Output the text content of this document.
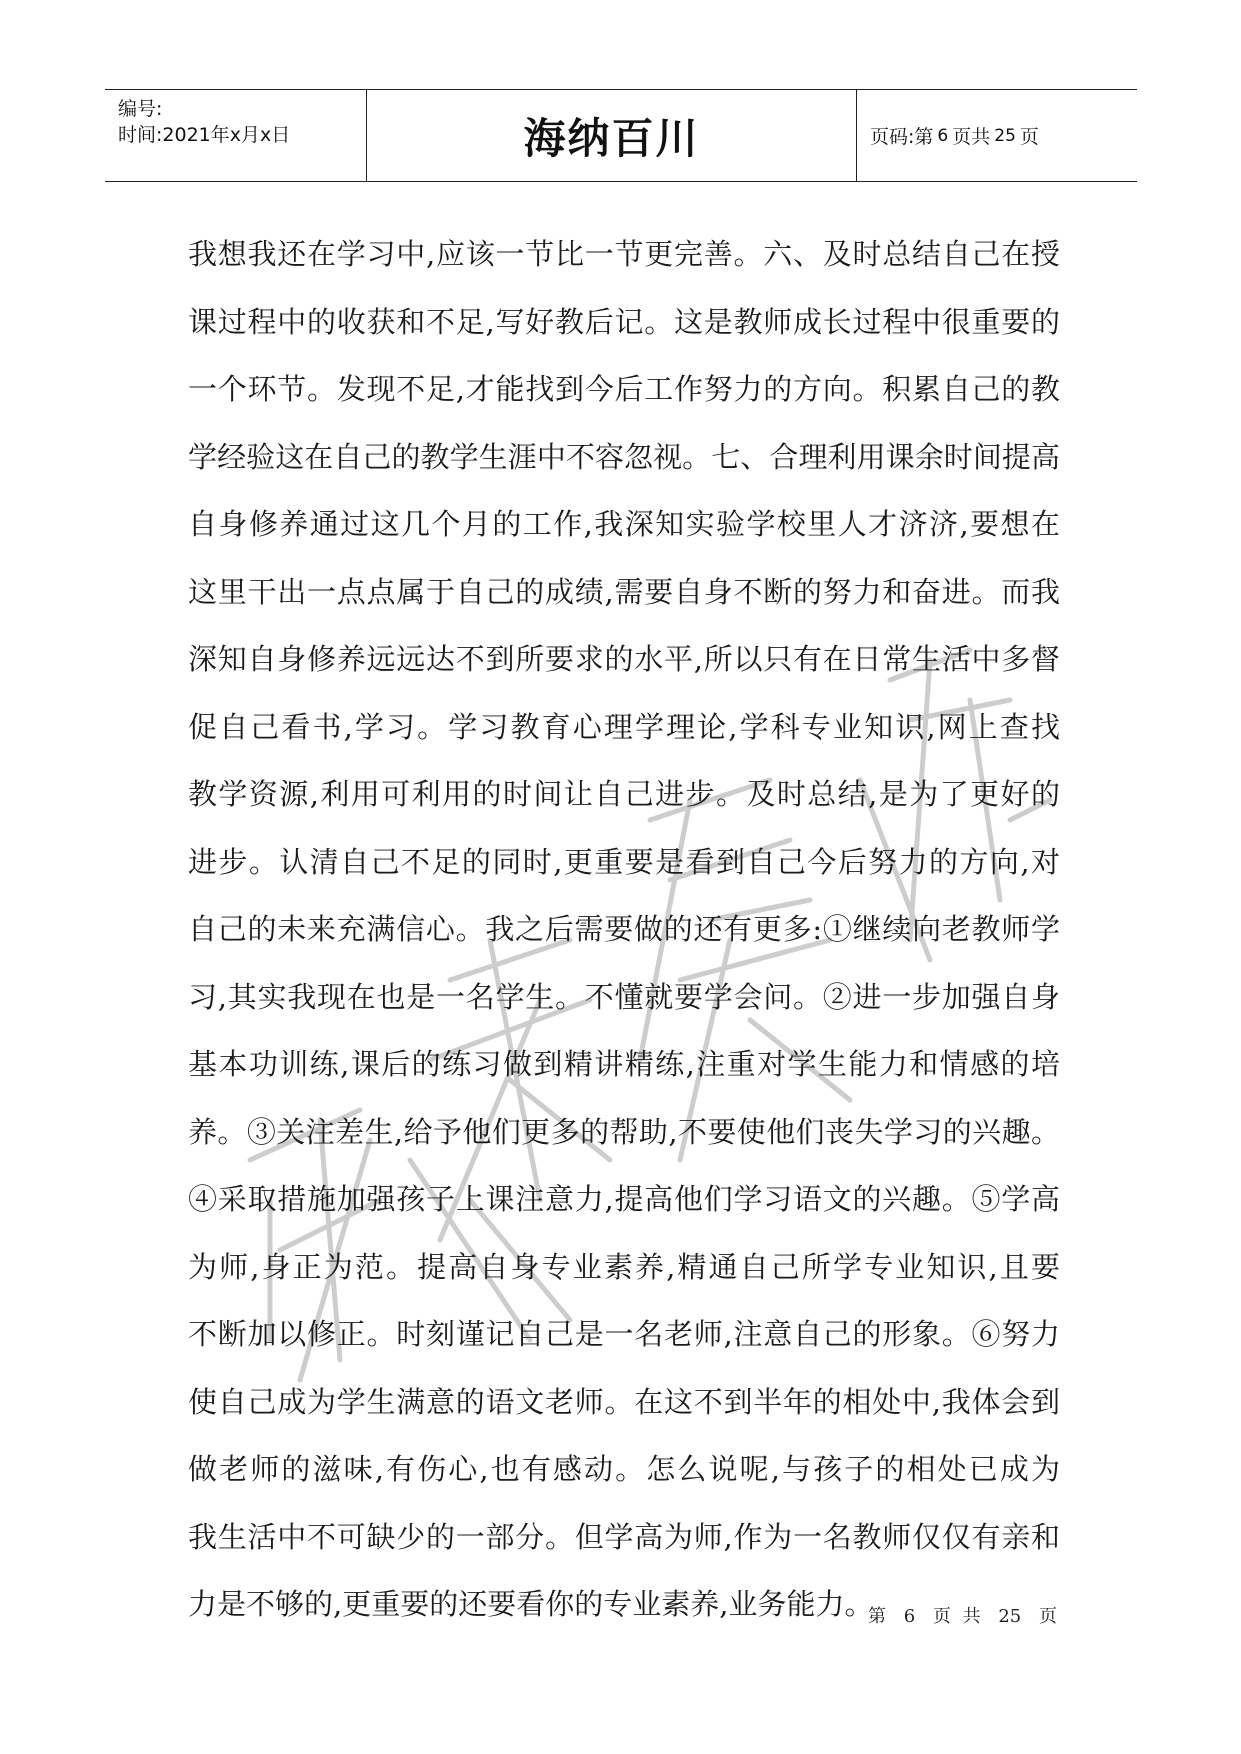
编号:
时间:2021年x月x日	海纳百川	页码:第 6 页共 25 页
我想我还在学习中,应该一节比一节更完善。六、及时总结自己在授
课过程中的收获和不足,写好教后记。这是教师成长过程中很重要的
一个环节。发现不足,才能找到今后工作努力的方向。积累自己的教
学经验这在自己的教学生涯中不容忽视。七、合理利用课余时间提高
自身修养通过这几个月的工作,我深知实验学校里人才济济,要想在
这里干出一点点属于自己的成绩,需要自身不断的努力和奋进。而我
深知自身修养远远达不到所要求的水平,所以只有在日常生活中多督
促自己看书,学习。学习教育心理学理论,学科专业知识,网上查找
教学资源,利用可利用的时间让自己进步。及时总结,是为了更好的
进步。认清自己不足的同时,更重要是看到自己今后努力的方向,对
自己的未来充满信心。我之后需要做的还有更多:①继续向老教师学
习,其实我现在也是一名学生。不懂就要学会问。②进一步加强自身
基本功训练,课后的练习做到精讲精练,注重对学生能力和情感的培
养。③关注差生,给予他们更多的帮助,不要使他们丧失学习的兴趣。
④采取措施加强孩子上课注意力,提高他们学习语文的兴趣。⑤学高
为师,身正为范。提高自身专业素养,精通自己所学专业知识,且要
不断加以修正。时刻谨记自己是一名老师,注意自己的形象。⑥努力
使自己成为学生满意的语文老师。在这不到半年的相处中,我体会到
做老师的滋味,有伤心,也有感动。怎么说呢,与孩子的相处已成为
我生活中不可缺少的一部分。但学高为师,作为一名教师仅仅有亲和
力是不够的,更重要的还要看你的专业素养,业务能力。
第 6 页 共 25 页
